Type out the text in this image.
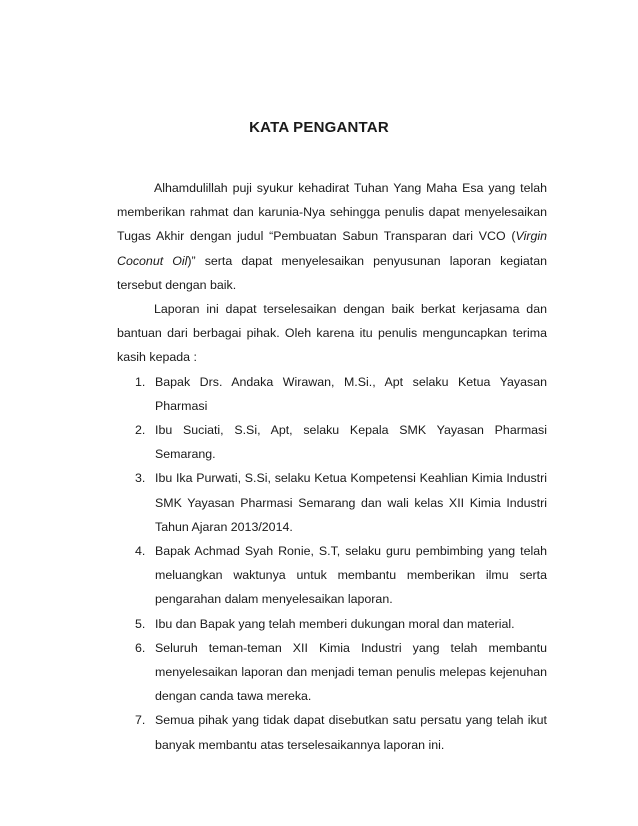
KATA PENGANTAR

Alhamdulillah puji syukur kehadirat Tuhan Yang Maha Esa yang telah memberikan rahmat dan karunia-Nya sehingga penulis dapat menyelesaikan Tugas Akhir dengan judul “Pembuatan Sabun Transparan dari VCO (Virgin Coconut Oil)” serta dapat menyelesaikan penyusunan laporan kegiatan tersebut dengan baik.

Laporan ini dapat terselesaikan dengan baik berkat kerjasama dan bantuan dari berbagai pihak. Oleh karena itu penulis menguncapkan terima kasih kepada :

1. Bapak Drs. Andaka Wirawan, M.Si., Apt selaku Ketua Yayasan Pharmasi
2. Ibu Suciati, S.Si, Apt, selaku Kepala SMK Yayasan Pharmasi Semarang.
3. Ibu Ika Purwati, S.Si, selaku Ketua Kompetensi Keahlian Kimia Industri SMK Yayasan Pharmasi Semarang dan wali kelas XII Kimia Industri Tahun Ajaran 2013/2014.
4. Bapak Achmad Syah Ronie, S.T, selaku guru pembimbing yang telah meluangkan waktunya untuk membantu memberikan ilmu serta pengarahan dalam menyelesaikan laporan.
5. Ibu dan Bapak yang telah memberi dukungan moral dan material.
6. Seluruh teman-teman XII Kimia Industri yang telah membantu menyelesaikan laporan dan menjadi teman penulis melepas kejenuhan dengan canda tawa mereka.
7. Semua pihak yang tidak dapat disebutkan satu persatu yang telah ikut banyak membantu atas terselesaikannya laporan ini.
